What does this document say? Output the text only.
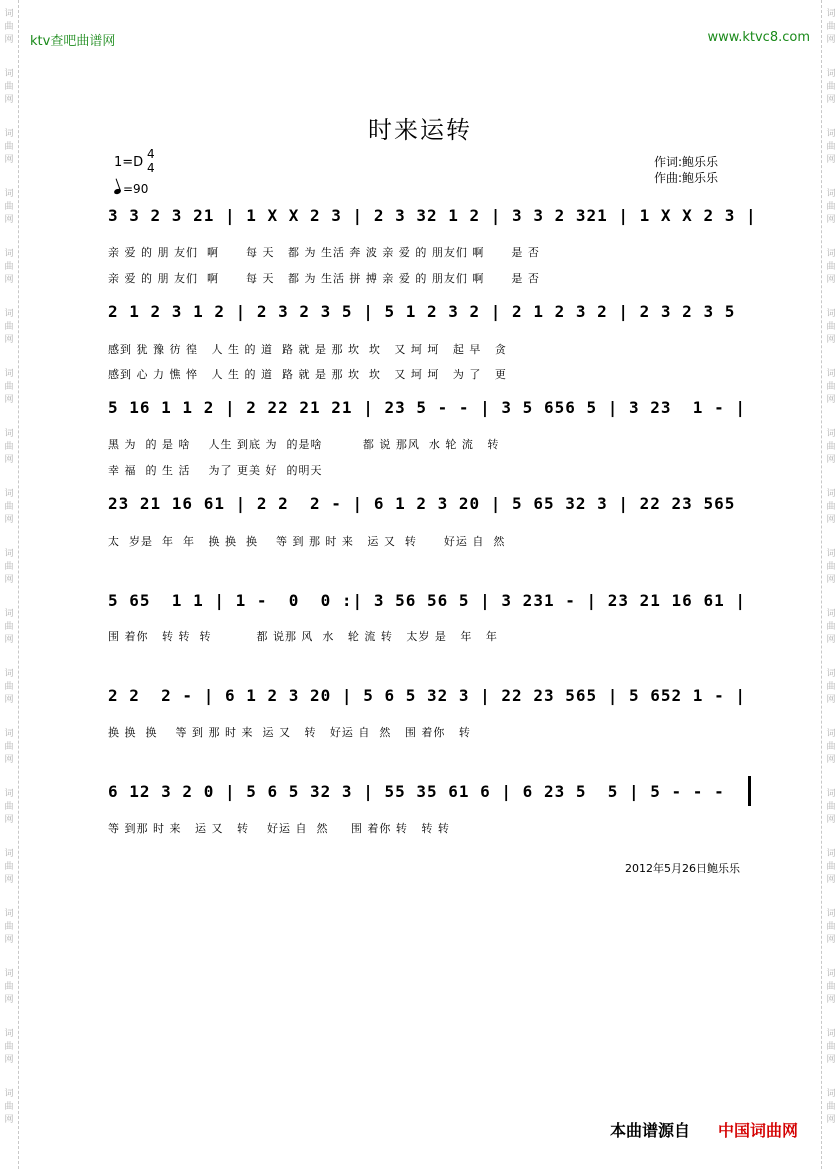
词曲网
词曲网
词曲网
词曲网
词曲网
词曲网
词曲网
词曲网
词曲网
词曲网
词曲网
词曲网
词曲网
词曲网
词曲网
词曲网
词曲网
词曲网
词曲网
词曲网
词曲网
词曲网
词曲网
词曲网
词曲网
词曲网
词曲网
词曲网
词曲网
词曲网
词曲网
词曲网
词曲网
词曲网
词曲网
词曲网
词曲网
词曲网
ktv查吧曲谱网	www.ktvc8.com
时来运转
1=D
4
4
=90
作词:鲍乐乐
作曲:鲍乐乐
3 3 2 3 21 | 1 X X 2 3 | 2 3 32 1 2 | 3 3 2 321 | 1 X X 2 3 |
亲 爱 的 朋 友们  啊      每 天   都 为 生活 奔 波 亲 爱 的 朋友们 啊      是 否
亲 爱 的 朋 友们  啊      每 天   都 为 生活 拼 搏 亲 爱 的 朋友们 啊      是 否
2 1 2 3 1 2 | 2 3 2 3 5 | 5 1 2 3 2 | 2 1 2 3 2 | 2 3 2 3 5
感到 犹 豫 彷 徨   人 生 的 道  路 就 是 那 坎  坎   又 坷 坷   起 早   贪
感到 心 力 憔 悴   人 生 的 道  路 就 是 那 坎  坎   又 坷 坷   为 了   更
5 16 1 1 2 | 2 22 21 21 | 23 5 - - | 3 5 656 5 | 3 23  1 - |
黑 为  的 是 啥    人生 到底 为  的是啥         都 说 那风  水 轮 流   转
幸 福  的 生 活    为了 更美 好  的明天
23 21 16 61 | 2 2  2 - | 6 1 2 3 20 | 5 65 32 3 | 22 23 565
太  岁是  年  年   换 换  换    等 到 那 时 来   运 又  转      好运 自  然
5 65  1 1 | 1 -  0  0 :| 3 56 56 5 | 3 231 - | 23 21 16 61 |
围 着你   转 转  转          都 说那 风  水   轮 流 转   太岁 是   年   年
2 2  2 - | 6 1 2 3 20 | 5 6 5 32 3 | 22 23 565 | 5 652 1 - |
换 换  换    等 到 那 时 来  运 又   转   好运 自  然   围 着你   转
6 12 3 2 0 | 5 6 5 32 3 | 55 35 61 6 | 6 23 5  5 | 5 - - -
等 到那 时 来   运 又   转    好运 自  然     围 着你 转   转 转
2012年5月26日鲍乐乐
本曲谱源自 中国词曲网
